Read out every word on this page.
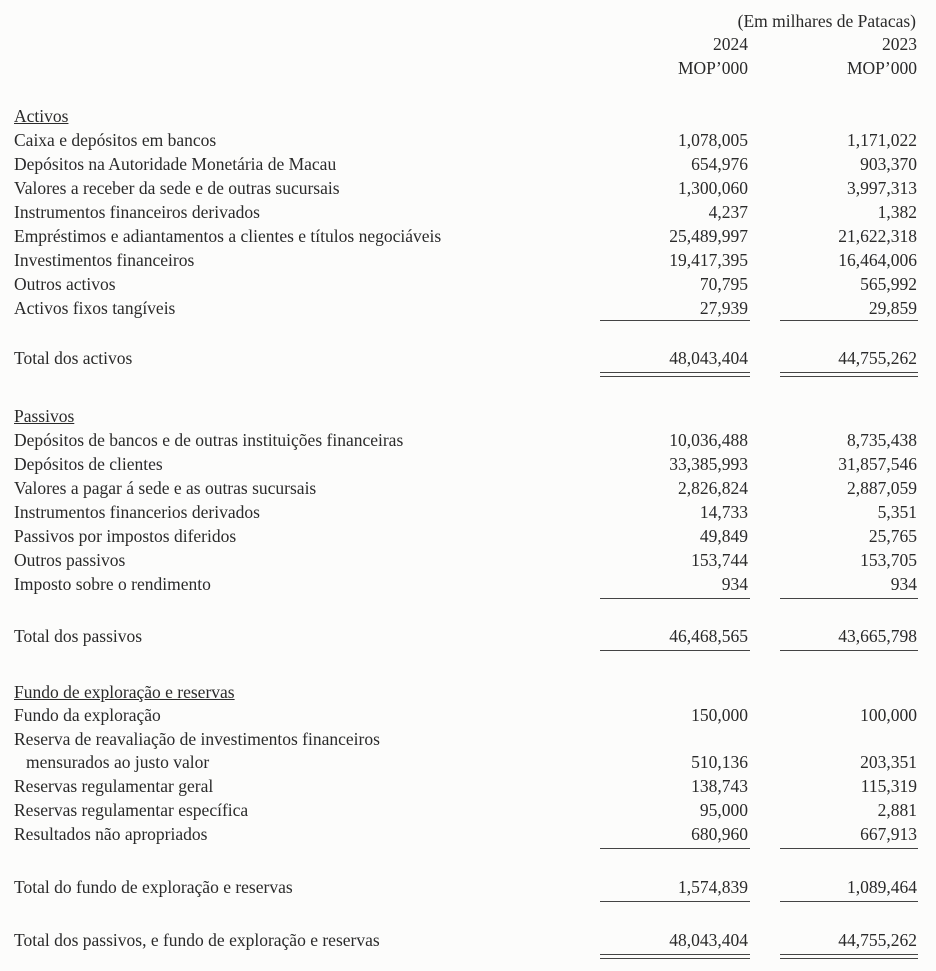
(Em milhares de Patacas)
2024	2023
MOP’000	MOP’000
Activos
Caixa e depósitos em bancos	1,078,005	1,171,022
Depósitos na Autoridade Monetária de Macau	654,976	903,370
Valores a receber da sede e de outras sucursais	1,300,060	3,997,313
Instrumentos financeiros derivados	4,237	1,382
Empréstimos e adiantamentos a clientes e títulos negociáveis	25,489,997	21,622,318
Investimentos financeiros	19,417,395	16,464,006
Outros activos	70,795	565,992
Activos fixos tangíveis	27,939	29,859
Total dos activos	48,043,404	44,755,262
Passivos
Depósitos de bancos e de outras instituições financeiras	10,036,488	8,735,438
Depósitos de clientes	33,385,993	31,857,546
Valores a pagar á sede e as outras sucursais	2,826,824	2,887,059
Instrumentos financerios derivados	14,733	5,351
Passivos por impostos diferidos	49,849	25,765
Outros passivos	153,744	153,705
Imposto sobre o rendimento	934	934
Total dos passivos	46,468,565	43,665,798
Fundo de exploração e reservas
Fundo da exploração	150,000	100,000
Reserva de reavaliação de investimentos financeiros
mensurados ao justo valor	510,136	203,351
Reservas regulamentar geral	138,743	115,319
Reservas regulamentar específica	95,000	2,881
Resultados não apropriados	680,960	667,913
Total do fundo de exploração e reservas	1,574,839	1,089,464
Total dos passivos, e fundo de exploração e reservas	48,043,404	44,755,262
